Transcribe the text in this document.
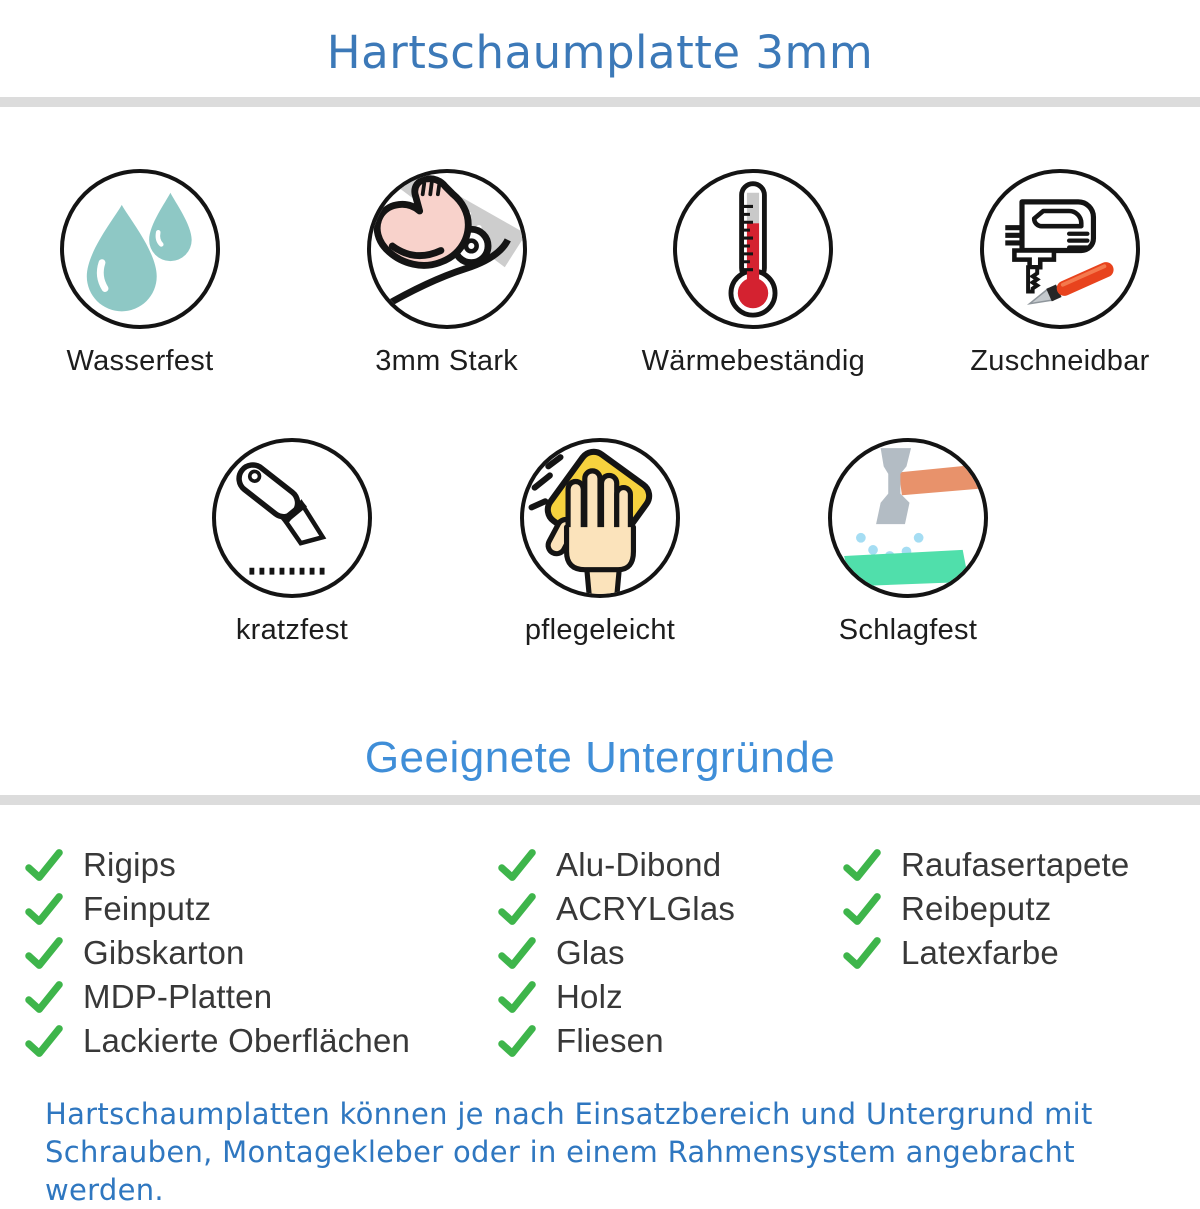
Hartschaumplatte 3mm
Wasserfest	3mm Stark	Wärmebeständig	Zuschneidbar
kratzfest	pflegeleicht	Schlagfest
Geeignete Untergründe
Rigips
Feinputz
Gibskarton
MDP-Platten
Lackierte Oberflächen
Alu-Dibond
ACRYLGlas
Glas
Holz
Fliesen
Raufasertapete
Reibeputz
Latexfarbe

Hartschaumplatten können je nach Einsatzbereich und Untergrund mit Schrauben, Montagekleber oder in einem Rahmensystem angebracht werden.
